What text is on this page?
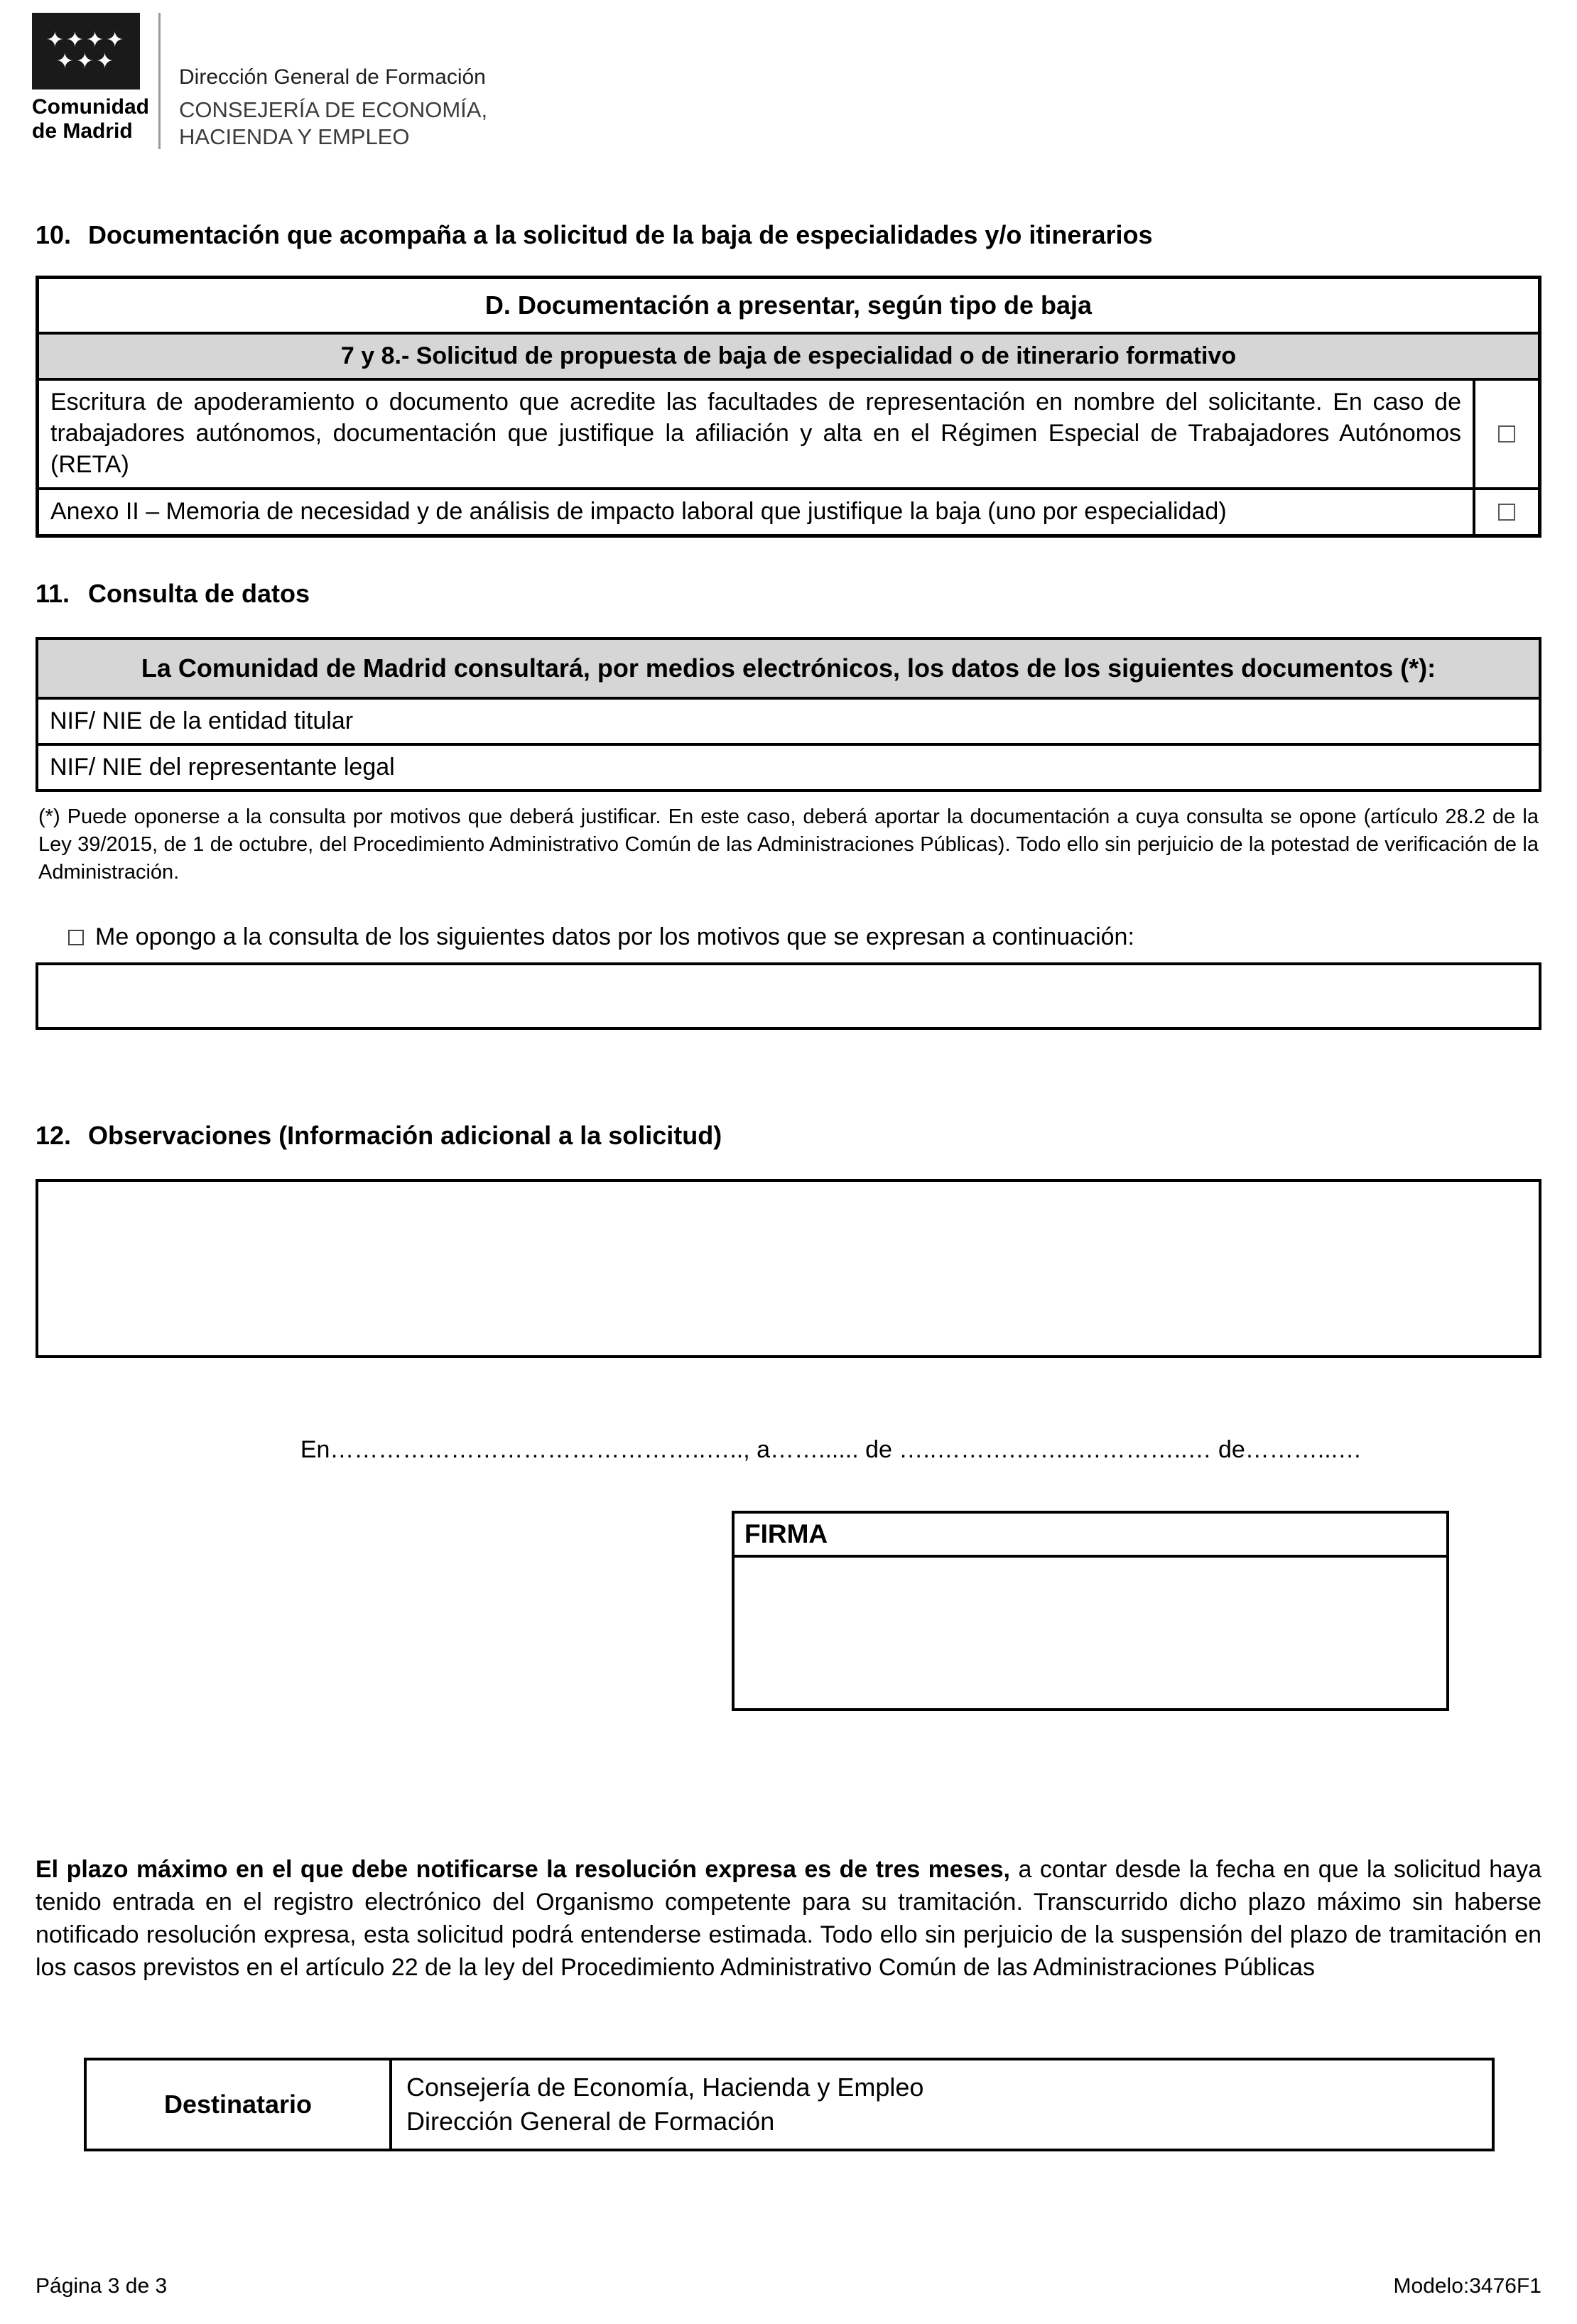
✦✦✦✦
✦✦✦
Comunidad
de Madrid
Dirección General de Formación
CONSEJERÍA DE ECONOMÍA,
HACIENDA Y EMPLEO
10. Documentación que acompaña a la solicitud de la baja de especialidades y/o itinerarios
D. Documentación a presentar, según tipo de baja
7 y 8.- Solicitud de propuesta de baja de especialidad o de itinerario formativo
Escritura de apoderamiento o documento que acredite las facultades de representación en nombre del solicitante. En caso de trabajadores autónomos, documentación que justifique la afiliación y alta en el Régimen Especial de Trabajadores Autónomos (RETA)
Anexo II – Memoria de necesidad y de análisis de impacto laboral que justifique la baja (uno por especialidad)
11. Consulta de datos
La Comunidad de Madrid consultará, por medios electrónicos, los datos de los siguientes documentos (*):
NIF/ NIE de la entidad titular
NIF/ NIE del representante legal
(*) Puede oponerse a la consulta por motivos que deberá justificar. En este caso, deberá aportar la documentación a cuya consulta se opone (artículo 28.2 de la Ley 39/2015, de 1 de octubre, del Procedimiento Administrativo Común de las Administraciones Públicas). Todo ello sin perjuicio de la potestad de verificación de la Administración.
Me opongo a la consulta de los siguientes datos por los motivos que se expresan a continuación:
12. Observaciones (Información adicional a la solicitud)
En………………………………………..….., a……...... de …..……….……..…………..… de………...…
FIRMA
El plazo máximo en el que debe notificarse la resolución expresa es de tres meses, a contar desde la fecha en que la solicitud haya tenido entrada en el registro electrónico del Organismo competente para su tramitación. Transcurrido dicho plazo máximo sin haberse notificado resolución expresa, esta solicitud podrá entenderse estimada. Todo ello sin perjuicio de la suspensión del plazo de tramitación en los casos previstos en el artículo 22 de la ley del Procedimiento Administrativo Común de las Administraciones Públicas
Destinatario
Consejería de Economía, Hacienda y Empleo
Dirección General de Formación
Página 3 de 3	Modelo:3476F1
